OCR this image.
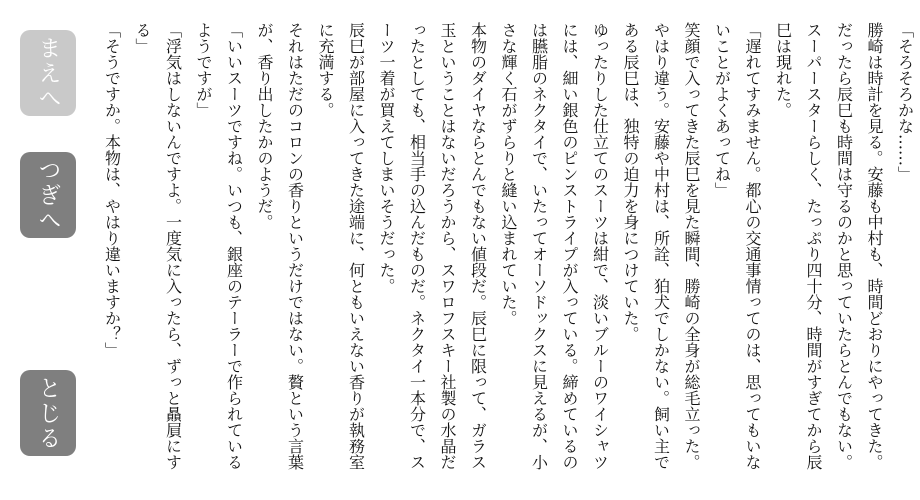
まえへ
つぎへ
とじる

「そろそろかな……」

勝崎は時計を見る。安藤も中村も、時間どおりにやってきた。だったら辰巳も時間は守るのかと思っていたらとんでもない。スーパースターらしく、たっぷり四十分、時間がすぎてから辰巳は現れた。

「遅れてすみません。都心の交通事情ってのは、思ってもいないことがよくあってね」

笑顔で入ってきた辰巳を見た瞬間、勝崎の全身が総毛立った。やはり違う。安藤や中村は、所詮、狛犬でしかない。飼い主である辰巳は、独特の迫力を身につけていた。

ゆったりした仕立てのスーツは紺で、淡いブルーのワイシャツには、細い銀色のピンストライプが入っている。締めているのは臙脂のネクタイで、いたってオーソドックスに見えるが、小さな輝く石がずらりと縫い込まれていた。

本物のダイヤならとんでもない値段だ。辰巳に限って、ガラス玉ということはないだろうから、スワロフスキー社製の水晶だったとしても、相当手の込んだものだ。ネクタイ一本分で、スーツ一着が買えてしまいそうだった。

辰巳が部屋に入ってきた途端に、何ともいえない香りが執務室に充満する。

それはただのコロンの香りというだけではない。贅という言葉が、香り出したかのようだ。

「いいスーツですね。いつも、銀座のテーラーで作られているようですが」

「浮気はしないんですよ。一度気に入ったら、ずっと贔屓にする」

「そうですか。本物は、やはり違いますか？」
